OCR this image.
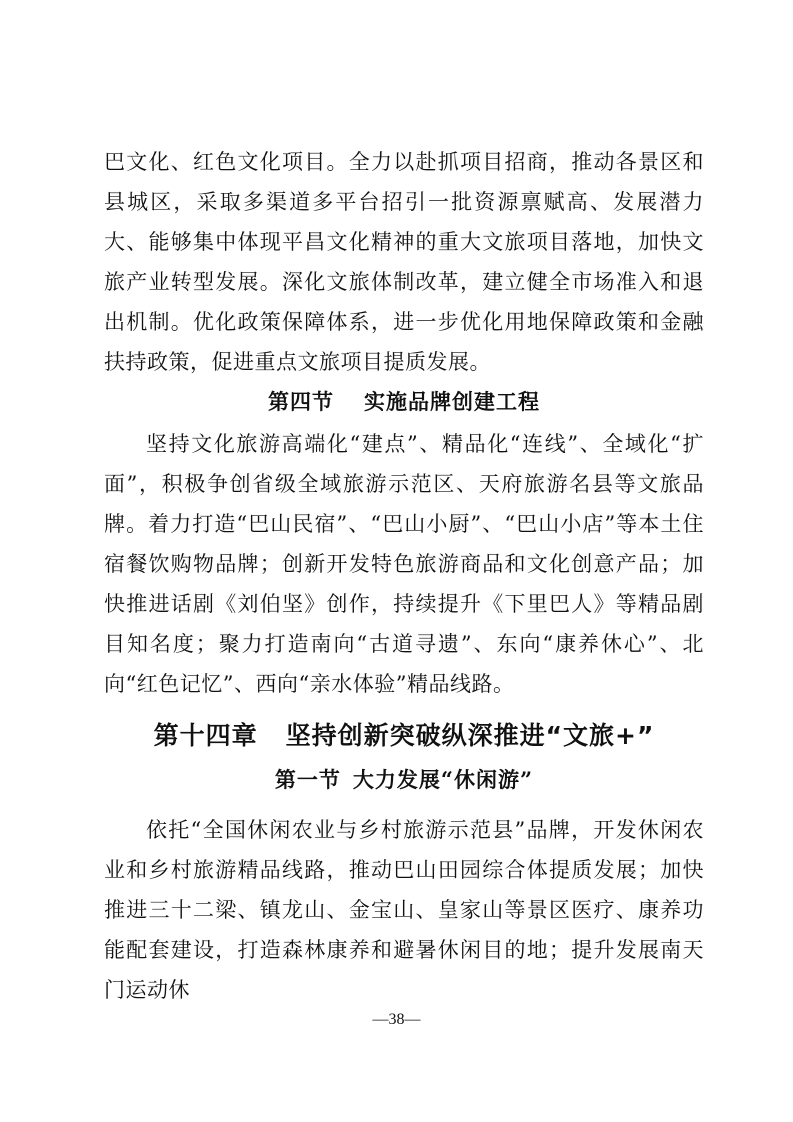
巴文化、红色文化项目。全力以赴抓项目招商，推动各景区和县城区，采取多渠道多平台招引一批资源禀赋高、发展潜力大、能够集中体现平昌文化精神的重大文旅项目落地，加快文旅产业转型发展。深化文旅体制改革，建立健全市场准入和退出机制。优化政策保障体系，进一步优化用地保障政策和金融扶持政策，促进重点文旅项目提质发展。

第四节 实施品牌创建工程

坚持文化旅游高端化“建点”、精品化“连线”、全域化“扩面”，积极争创省级全域旅游示范区、天府旅游名县等文旅品牌。着力打造“巴山民宿”、“巴山小厨”、“巴山小店”等本土住宿餐饮购物品牌；创新开发特色旅游商品和文化创意产品；加快推进话剧《刘伯坚》创作，持续提升《下里巴人》等精品剧目知名度；聚力打造南向“古道寻遗”、东向“康养休心”、北向“红色记忆”、西向“亲水体验”精品线路。

第十四章 坚持创新突破纵深推进“文旅+”
第一节 大力发展“休闲游”

依托“全国休闲农业与乡村旅游示范县”品牌，开发休闲农业和乡村旅游精品线路，推动巴山田园综合体提质发展；加快推进三十二梁、镇龙山、金宝山、皇家山等景区医疗、康养功能配套建设，打造森林康养和避暑休闲目的地；提升发展南天门运动休

—38—
